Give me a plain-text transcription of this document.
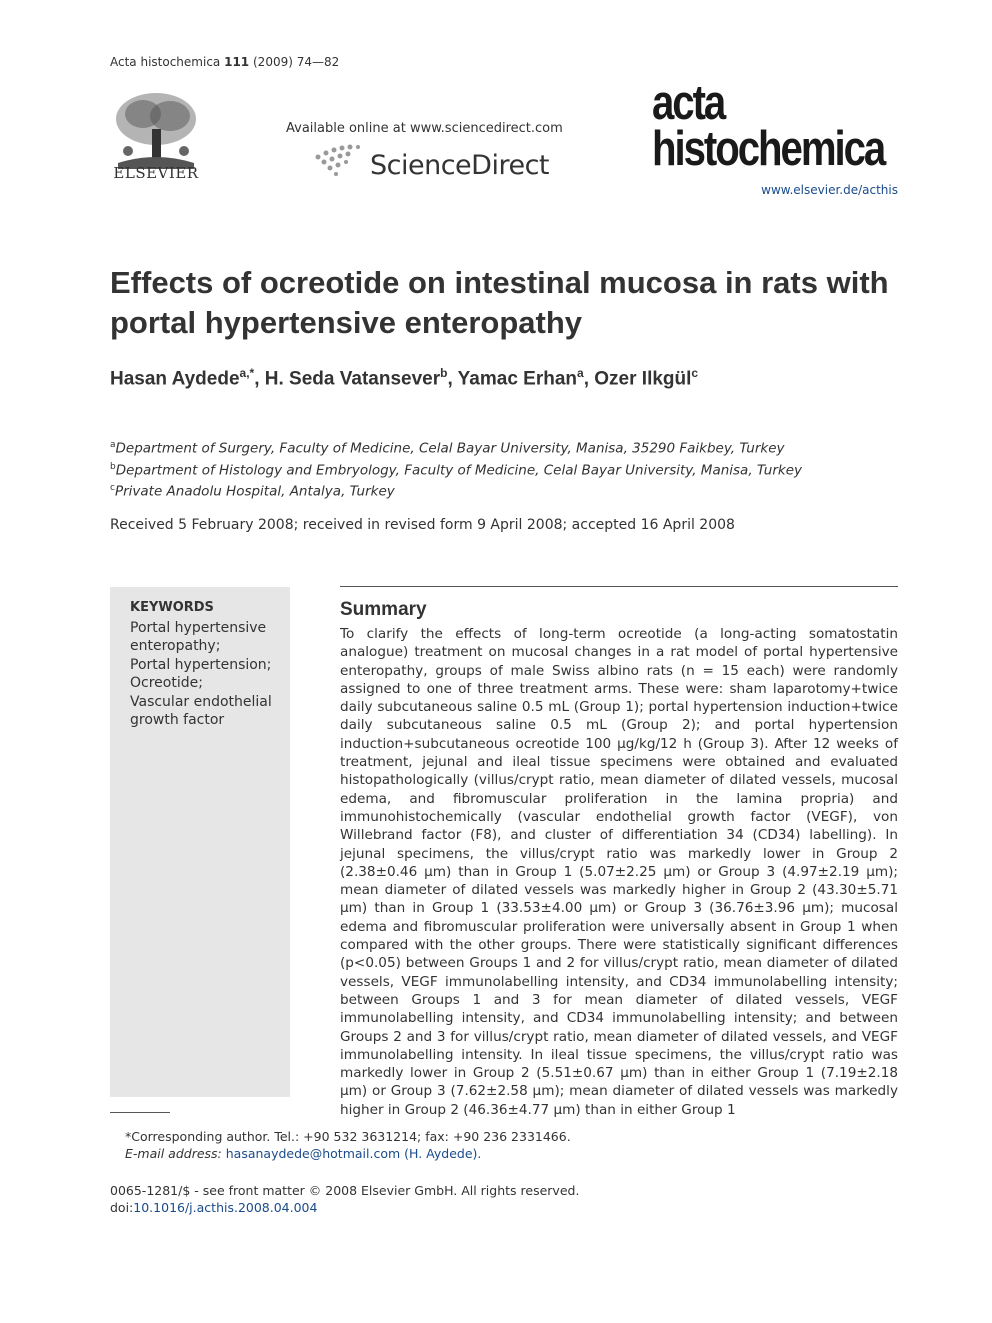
Acta histochemica 111 (2009) 74—82
ELSEVIER
Available online at www.sciencedirect.com
ScienceDirect
acta
histochemica
www.elsevier.de/acthis
Effects of ocreotide on intestinal mucosa in rats with portal hypertensive enteropathy
Hasan Aydede$^{a,*}$, H. Seda Vatansever$^b$, Yamac Erhan$^a$, Ozer Ilkgül$^c$
$^a$Department of Surgery, Faculty of Medicine, Celal Bayar University, Manisa, 35290 Faikbey, Turkey
$^b$Department of Histology and Embryology, Faculty of Medicine, Celal Bayar University, Manisa, Turkey
$^c$Private Anadolu Hospital, Antalya, Turkey
Received 5 February 2008; received in revised form 9 April 2008; accepted 16 April 2008
KEYWORDS
Portal hypertensive enteropathy;
Portal hypertension;
Ocreotide;
Vascular endothelial growth factor
Summary
To clarify the effects of long-term ocreotide (a long-acting somatostatin analogue) treatment on mucosal changes in a rat model of portal hypertensive enteropathy, groups of male Swiss albino rats (n = 15 each) were randomly assigned to one of three treatment arms. These were: sham laparotomy+twice daily subcutaneous saline 0.5 mL (Group 1); portal hypertension induction+twice daily subcutaneous saline 0.5 mL (Group 2); and portal hypertension induction+subcutaneous ocreotide 100 μg/kg/12 h (Group 3). After 12 weeks of treatment, jejunal and ileal tissue specimens were obtained and evaluated histopathologically (villus/crypt ratio, mean diameter of dilated vessels, mucosal edema, and fibromuscular proliferation in the lamina propria) and immunohistochemically (vascular endothelial growth factor (VEGF), von Willebrand factor (F8), and cluster of differentiation 34 (CD34) labelling). In jejunal specimens, the villus/crypt ratio was markedly lower in Group 2 (2.38±0.46 μm) than in Group 1 (5.07±2.25 μm) or Group 3 (4.97±2.19 μm); mean diameter of dilated vessels was markedly higher in Group 2 (43.30±5.71 μm) than in Group 1 (33.53±4.00 μm) or Group 3 (36.76±3.96 μm); mucosal edema and fibromuscular proliferation were universally absent in Group 1 when compared with the other groups. There were statistically significant differences (p<0.05) between Groups 1 and 2 for villus/crypt ratio, mean diameter of dilated vessels, VEGF immunolabelling intensity, and CD34 immunolabelling intensity; between Groups 1 and 3 for mean diameter of dilated vessels, VEGF immunolabelling intensity, and CD34 immunolabelling intensity; and between Groups 2 and 3 for villus/crypt ratio, mean diameter of dilated vessels, and VEGF immunolabelling intensity. In ileal tissue specimens, the villus/crypt ratio was markedly lower in Group 2 (5.51±0.67 μm) than in either Group 1 (7.19±2.18 μm) or Group 3 (7.62±2.58 μm); mean diameter of dilated vessels was markedly higher in Group 2 (46.36±4.77 μm) than in either Group 1
*Corresponding author. Tel.: +90 532 3631214; fax: +90 236 2331466.
E-mail address: hasanaydede@hotmail.com (H. Aydede).
0065-1281/$ - see front matter © 2008 Elsevier GmbH. All rights reserved.
doi:10.1016/j.acthis.2008.04.004
